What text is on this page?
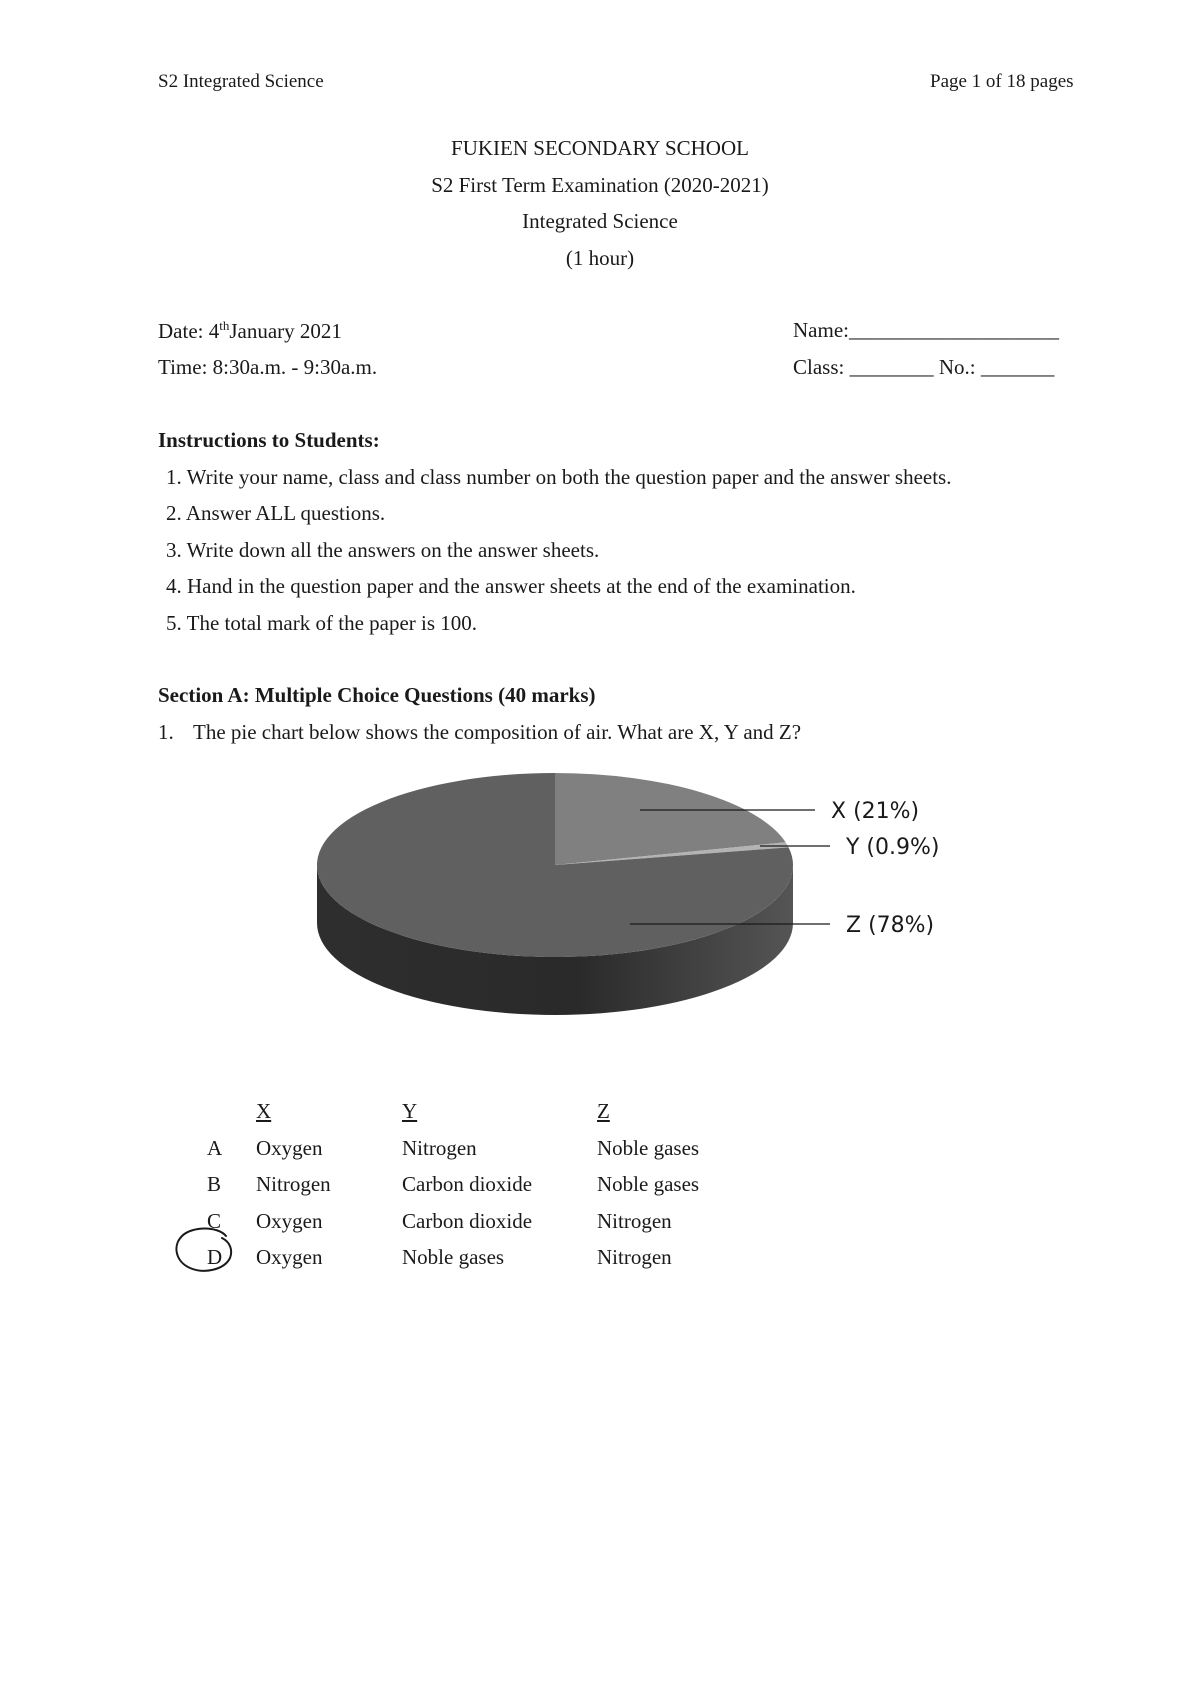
S2 Integrated Science	Page 1 of 18 pages
FUKIEN SECONDARY SCHOOL
S2 First Term Examination (2020-2021)
Integrated Science
(1 hour)
Date: 4thJanuary 2021
Time: 8:30a.m. - 9:30a.m.
Name:____________________
Class: ________ No.: _______
Instructions to Students:
1. Write your name, class and class number on both the question paper and the answer sheets.
2. Answer ALL questions.
3. Write down all the answers on the answer sheets.
4. Hand in the question paper and the answer sheets at the end of the examination.
5. The total mark of the paper is 100.
Section A: Multiple Choice Questions (40 marks)
1. The pie chart below shows the composition of air. What are X, Y and Z?
X (21%)
Y (0.9%)
Z (78%)
X	Y	Z
A Oxygen	Nitrogen	Noble gases
B Nitrogen	Carbon dioxide	Noble gases
C Oxygen	Carbon dioxide	Nitrogen
D Oxygen	Noble gases	Nitrogen
